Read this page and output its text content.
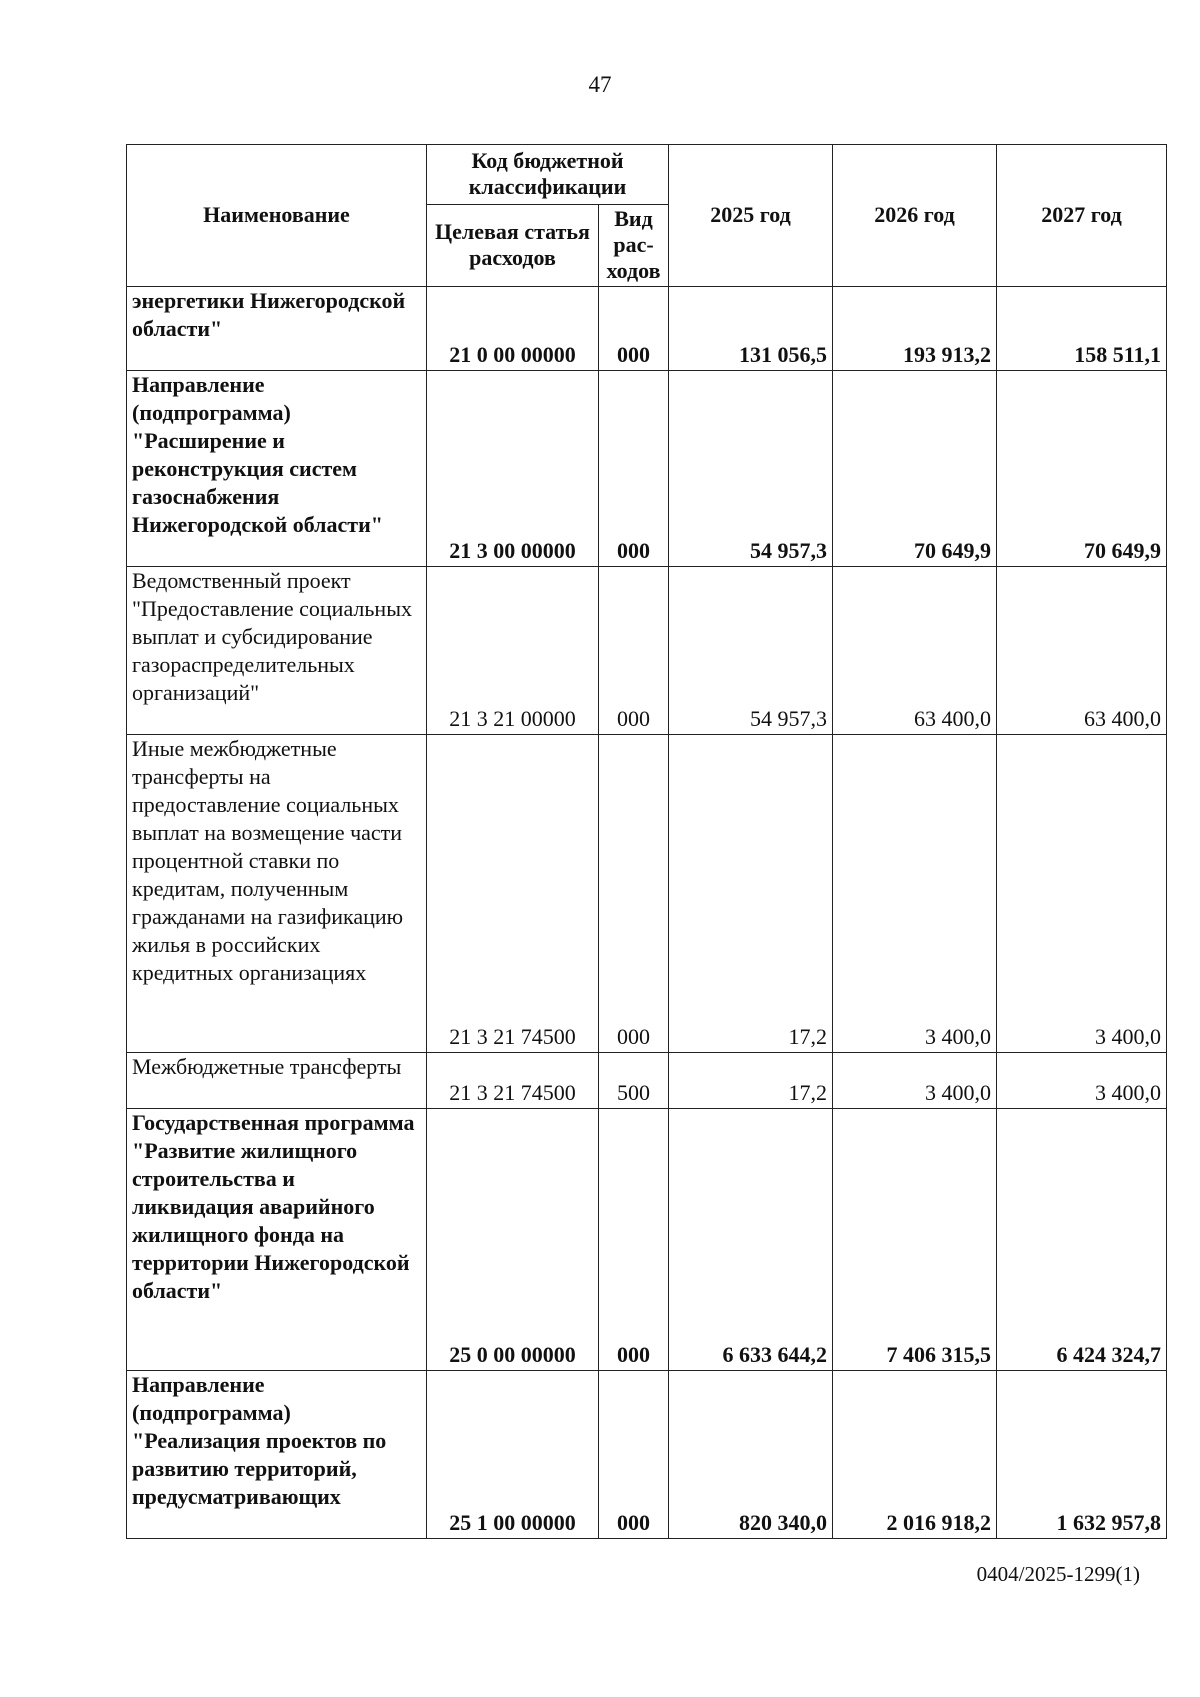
47
Наименование	Код бюджетной классификации		2025 год	2026 год	2027 год
	Целевая статья расходов	Вид рас-ходов			
энергетики Нижегородской области"	21 0 00 00000	000	131 056,5	193 913,2	158 511,1
Направление (подпрограмма) "Расширение и реконструкция систем газоснабжения Нижегородской области"	21 3 00 00000	000	54 957,3	70 649,9	70 649,9
Ведомственный проект "Предоставление социальных выплат и субсидирование газораспределительных организаций"	21 3 21 00000	000	54 957,3	63 400,0	63 400,0
Иные межбюджетные трансферты на предоставление социальных выплат на возмещение части процентной ставки по кредитам, полученным гражданами на газификацию жилья в российских кредитных организациях	21 3 21 74500	000	17,2	3 400,0	3 400,0
Межбюджетные трансферты	21 3 21 74500	500	17,2	3 400,0	3 400,0
Государственная программа "Развитие жилищного строительства и ликвидация аварийного жилищного фонда на территории Нижегородской области"	25 0 00 00000	000	6 633 644,2	7 406 315,5	6 424 324,7
Направление (подпрограмма) "Реализация проектов по развитию территорий, предусматривающих	25 1 00 00000	000	820 340,0	2 016 918,2	1 632 957,8
0404/2025-1299(1)
